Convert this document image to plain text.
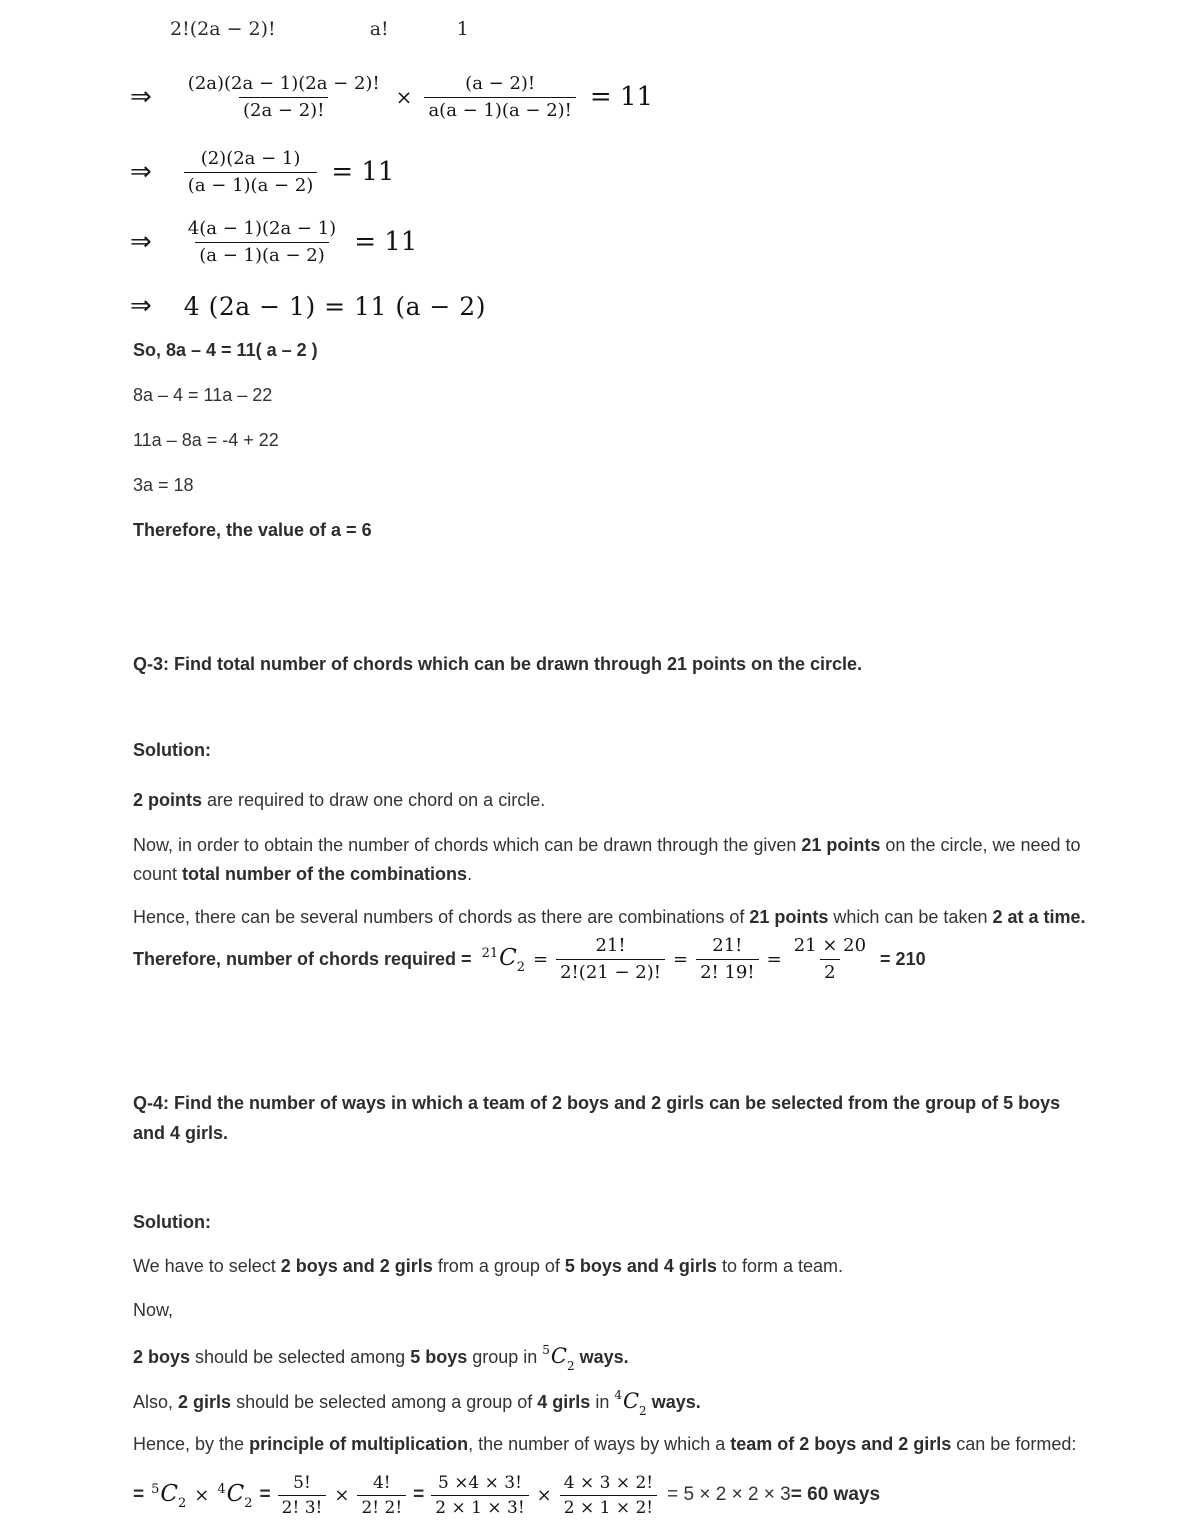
2!(2a − 2)!	a!	1
⇒ $\frac{(2a)(2a - 1)(2a - 2)!}{(2a - 2)!} \times \frac{(a - 2)!}{a(a - 1)(a - 2)!} = 11$
⇒ $\frac{(2)(2a - 1)}{(a - 1)(a - 2)} = 11$
⇒ $\frac{4(a - 1)(2a - 1)}{(a - 1)(a - 2)} = 11$
⇒ 4 (2a − 1) = 11 (a − 2)
So, 8a – 4 = 11( a – 2 )
8a – 4 = 11a – 22
11a – 8a = -4 + 22
3a = 18
Therefore, the value of a = 6
Q-3: Find total number of chords which can be drawn through 21 points on the circle.
Solution:
2 points are required to draw one chord on a circle.
Now, in order to obtain the number of chords which can be drawn through the given 21 points on the circle, we need to count total number of the combinations.
Hence, there can be several numbers of chords as there are combinations of 21 points which can be taken 2 at a time.
Therefore, number of chords required = $^{21}C_2 = \frac{21!}{2!(21 - 2)!} = \frac{21!}{2! 19!} = \frac{21 \times 20}{2} = 210$
Q-4: Find the number of ways in which a team of 2 boys and 2 girls can be selected from the group of 5 boys and 4 girls.
Solution:
We have to select 2 boys and 2 girls from a group of 5 boys and 4 girls to form a team.
Now,
2 boys should be selected among 5 boys group in $^5C_2$ ways.
Also, 2 girls should be selected among a group of 4 girls in $^4C_2$ ways.
Hence, by the principle of multiplication, the number of ways by which a team of 2 boys and 2 girls can be formed:
= $^5C_2 \times ^4C_2 = \frac{5!}{2! 3!} \times \frac{4!}{2! 2!} = \frac{5 \times 4 \times 3!}{2 \times 1 \times 3!} \times \frac{4 \times 3 \times 2!}{2 \times 1 \times 2!} = 5 \times 2 \times 2 \times 3 = 60$ ways
